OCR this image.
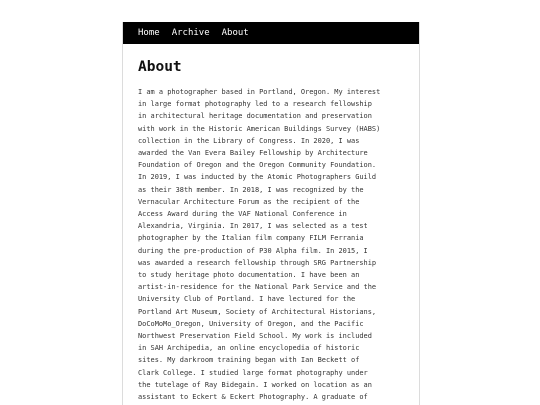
Home Archive About
About

I am a photographer based in Portland, Oregon. My interest
in large format photography led to a research fellowship
in architectural heritage documentation and preservation
with work in the Historic American Buildings Survey (HABS)
collection in the Library of Congress. In 2020, I was
awarded the Van Evera Bailey Fellowship by Architecture
Foundation of Oregon and the Oregon Community Foundation.
In 2019, I was inducted by the Atomic Photographers Guild
as their 38th member. In 2018, I was recognized by the
Vernacular Architecture Forum as the recipient of the
Access Award during the VAF National Conference in
Alexandria, Virginia. In 2017, I was selected as a test
photographer by the Italian film company FILM Ferrania
during the pre-production of P30 Alpha film. In 2015, I
was awarded a research fellowship through SRG Partnership
to study heritage photo documentation. I have been an
artist-in-residence for the National Park Service and the
University Club of Portland. I have lectured for the
Portland Art Museum, Society of Architectural Historians,
DoCoMoMo_Oregon, University of Oregon, and the Pacific
Northwest Preservation Field School. My work is included
in SAH Archipedia, an online encyclopedia of historic
sites. My darkroom training began with Ian Beckett of
Clark College. I studied large format photography under
the tutelage of Ray Bidegain. I worked on location as an
assistant to Eckert & Eckert Photography. A graduate of
